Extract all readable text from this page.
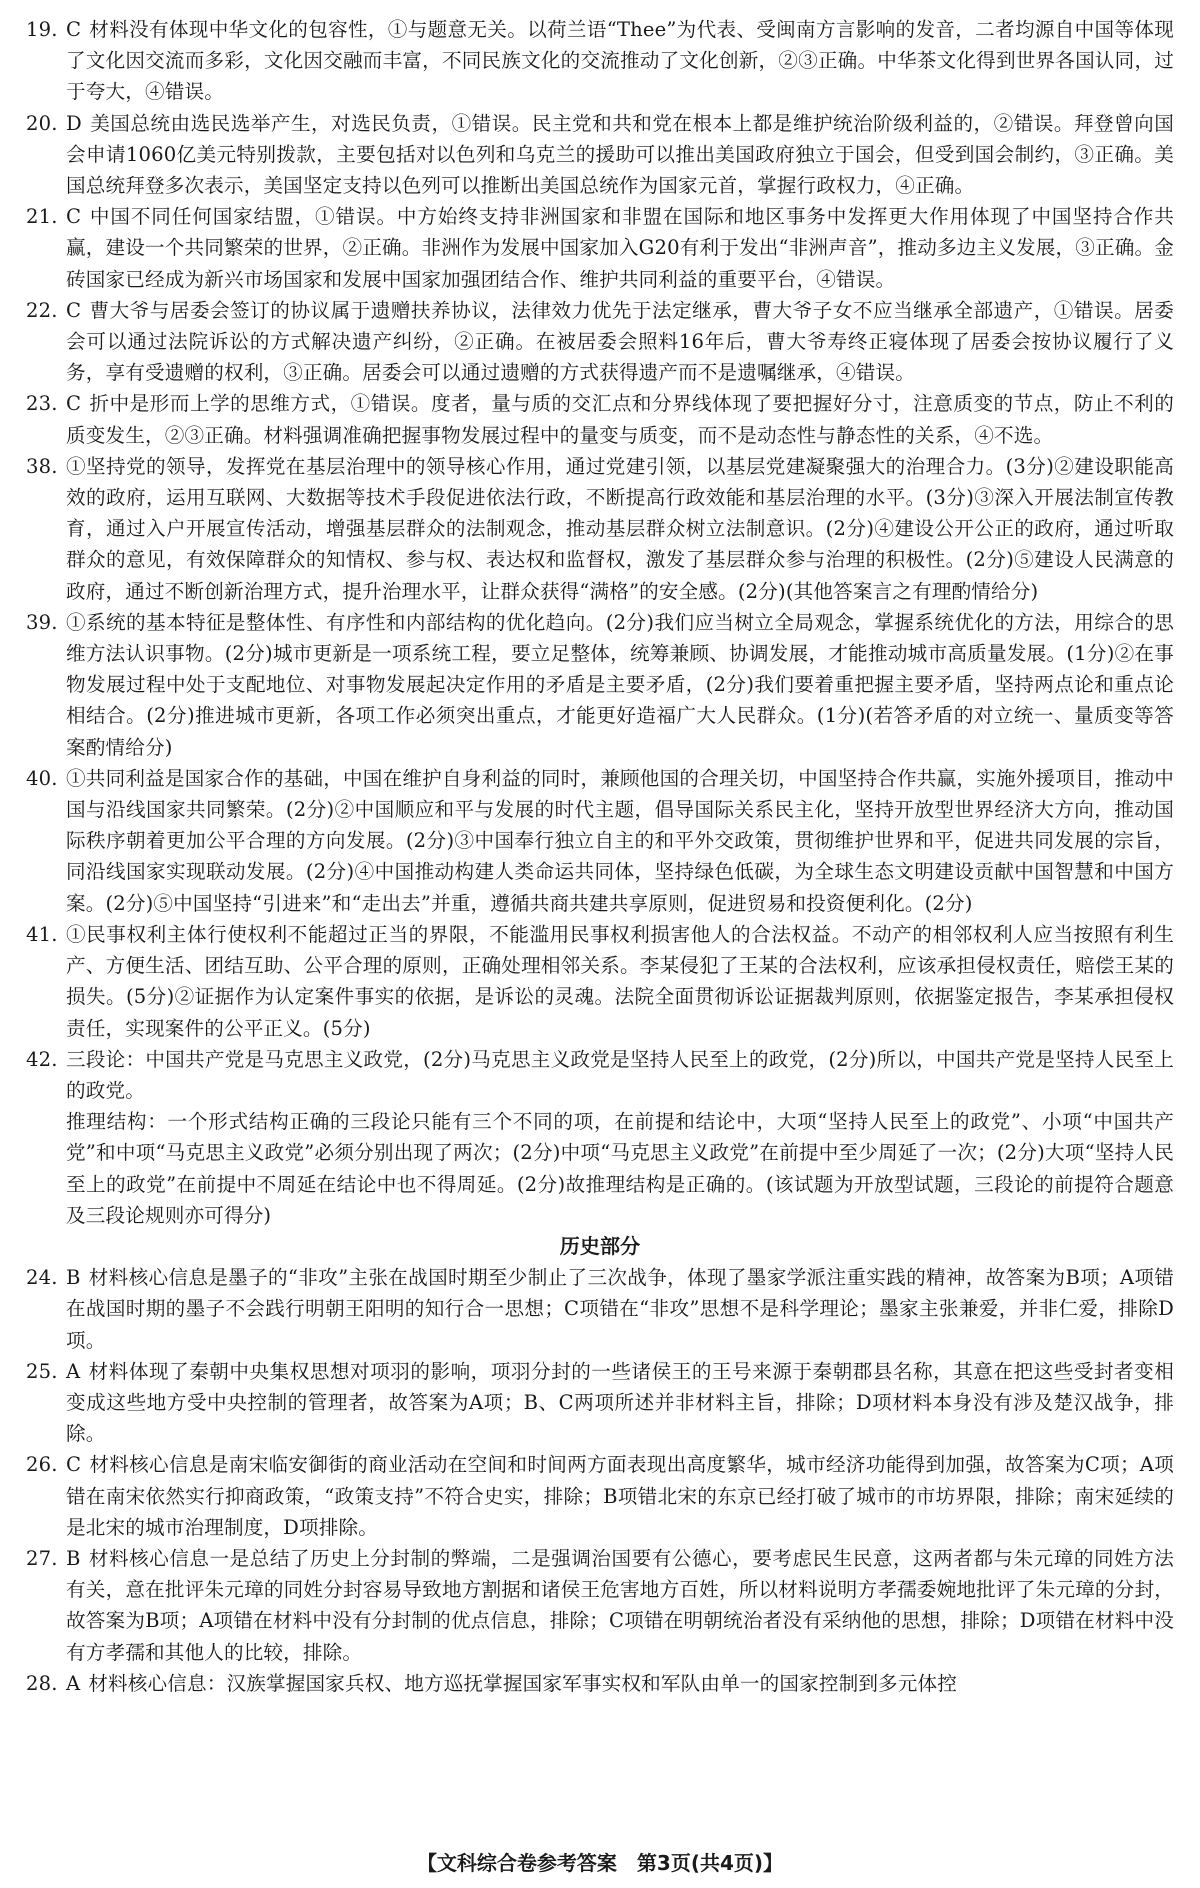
19. C 材料没有体现中华文化的包容性，①与题意无关。以荷兰语“Thee”为代表、受闽南方言影响的发音，二者均源自中国等体现了文化因交流而多彩，文化因交融而丰富，不同民族文化的交流推动了文化创新，②③正确。中华茶文化得到世界各国认同，过于夸大，④错误。
20. D 美国总统由选民选举产生，对选民负责，①错误。民主党和共和党在根本上都是维护统治阶级利益的，②错误。拜登曾向国会申请1060亿美元特别拨款，主要包括对以色列和乌克兰的援助可以推出美国政府独立于国会，但受到国会制约，③正确。美国总统拜登多次表示，美国坚定支持以色列可以推断出美国总统作为国家元首，掌握行政权力，④正确。
21. C 中国不同任何国家结盟，①错误。中方始终支持非洲国家和非盟在国际和地区事务中发挥更大作用体现了中国坚持合作共赢，建设一个共同繁荣的世界，②正确。非洲作为发展中国家加入G20有利于发出“非洲声音”，推动多边主义发展，③正确。金砖国家已经成为新兴市场国家和发展中国家加强团结合作、维护共同利益的重要平台，④错误。
22. C 曹大爷与居委会签订的协议属于遗赠扶养协议，法律效力优先于法定继承，曹大爷子女不应当继承全部遗产，①错误。居委会可以通过法院诉讼的方式解决遗产纠纷，②正确。在被居委会照料16年后，曹大爷寿终正寝体现了居委会按协议履行了义务，享有受遗赠的权利，③正确。居委会可以通过遗赠的方式获得遗产而不是遗嘱继承，④错误。
23. C 折中是形而上学的思维方式，①错误。度者，量与质的交汇点和分界线体现了要把握好分寸，注意质变的节点，防止不利的质变发生，②③正确。材料强调准确把握事物发展过程中的量变与质变，而不是动态性与静态性的关系，④不选。
38. ①坚持党的领导，发挥党在基层治理中的领导核心作用，通过党建引领，以基层党建凝聚强大的治理合力。(3分)②建设职能高效的政府，运用互联网、大数据等技术手段促进依法行政，不断提高行政效能和基层治理的水平。(3分)③深入开展法制宣传教育，通过入户开展宣传活动，增强基层群众的法制观念，推动基层群众树立法制意识。(2分)④建设公开公正的政府，通过听取群众的意见，有效保障群众的知情权、参与权、表达权和监督权，激发了基层群众参与治理的积极性。(2分)⑤建设人民满意的政府，通过不断创新治理方式，提升治理水平，让群众获得“满格”的安全感。(2分)(其他答案言之有理酌情给分)
39. ①系统的基本特征是整体性、有序性和内部结构的优化趋向。(2分)我们应当树立全局观念，掌握系统优化的方法，用综合的思维方法认识事物。(2分)城市更新是一项系统工程，要立足整体，统筹兼顾、协调发展，才能推动城市高质量发展。(1分)②在事物发展过程中处于支配地位、对事物发展起决定作用的矛盾是主要矛盾，(2分)我们要着重把握主要矛盾，坚持两点论和重点论相结合。(2分)推进城市更新，各项工作必须突出重点，才能更好造福广大人民群众。(1分)(若答矛盾的对立统一、量质变等答案酌情给分)
40. ①共同利益是国家合作的基础，中国在维护自身利益的同时，兼顾他国的合理关切，中国坚持合作共赢，实施外援项目，推动中国与沿线国家共同繁荣。(2分)②中国顺应和平与发展的时代主题，倡导国际关系民主化，坚持开放型世界经济大方向，推动国际秩序朝着更加公平合理的方向发展。(2分)③中国奉行独立自主的和平外交政策，贯彻维护世界和平，促进共同发展的宗旨，同沿线国家实现联动发展。(2分)④中国推动构建人类命运共同体，坚持绿色低碳，为全球生态文明建设贡献中国智慧和中国方案。(2分)⑤中国坚持“引进来”和“走出去”并重，遵循共商共建共享原则，促进贸易和投资便利化。(2分)
41. ①民事权利主体行使权利不能超过正当的界限，不能滥用民事权利损害他人的合法权益。不动产的相邻权利人应当按照有利生产、方便生活、团结互助、公平合理的原则，正确处理相邻关系。李某侵犯了王某的合法权利，应该承担侵权责任，赔偿王某的损失。(5分)②证据作为认定案件事实的依据，是诉讼的灵魂。法院全面贯彻诉讼证据裁判原则，依据鉴定报告，李某承担侵权责任，实现案件的公平正义。(5分)
42. 三段论：中国共产党是马克思主义政党，(2分)马克思主义政党是坚持人民至上的政党，(2分)所以，中国共产党是坚持人民至上的政党。
推理结构：一个形式结构正确的三段论只能有三个不同的项，在前提和结论中，大项“坚持人民至上的政党”、小项“中国共产党”和中项“马克思主义政党”必须分别出现了两次；(2分)中项“马克思主义政党”在前提中至少周延了一次；(2分)大项“坚持人民至上的政党”在前提中不周延在结论中也不得周延。(2分)故推理结构是正确的。(该试题为开放型试题，三段论的前提符合题意及三段论规则亦可得分)
历史部分
24. B 材料核心信息是墨子的“非攻”主张在战国时期至少制止了三次战争，体现了墨家学派注重实践的精神，故答案为B项；A项错在战国时期的墨子不会践行明朝王阳明的知行合一思想；C项错在“非攻”思想不是科学理论；墨家主张兼爱，并非仁爱，排除D项。
25. A 材料体现了秦朝中央集权思想对项羽的影响，项羽分封的一些诸侯王的王号来源于秦朝郡县名称，其意在把这些受封者变相变成这些地方受中央控制的管理者，故答案为A项；B、C两项所述并非材料主旨，排除；D项材料本身没有涉及楚汉战争，排除。
26. C 材料核心信息是南宋临安御街的商业活动在空间和时间两方面表现出高度繁华，城市经济功能得到加强，故答案为C项；A项错在南宋依然实行抑商政策，“政策支持”不符合史实，排除；B项错北宋的东京已经打破了城市的市坊界限，排除；南宋延续的是北宋的城市治理制度，D项排除。
27. B 材料核心信息一是总结了历史上分封制的弊端，二是强调治国要有公德心，要考虑民生民意，这两者都与朱元璋的同姓方法有关，意在批评朱元璋的同姓分封容易导致地方割据和诸侯王危害地方百姓，所以材料说明方孝孺委婉地批评了朱元璋的分封，故答案为B项；A项错在材料中没有分封制的优点信息，排除；C项错在明朝统治者没有采纳他的思想，排除；D项错在材料中没有方孝孺和其他人的比较，排除。
28. A 材料核心信息：汉族掌握国家兵权、地方巡抚掌握国家军事实权和军队由单一的国家控制到多元体控
【文科综合卷参考答案　第3页(共4页)】
